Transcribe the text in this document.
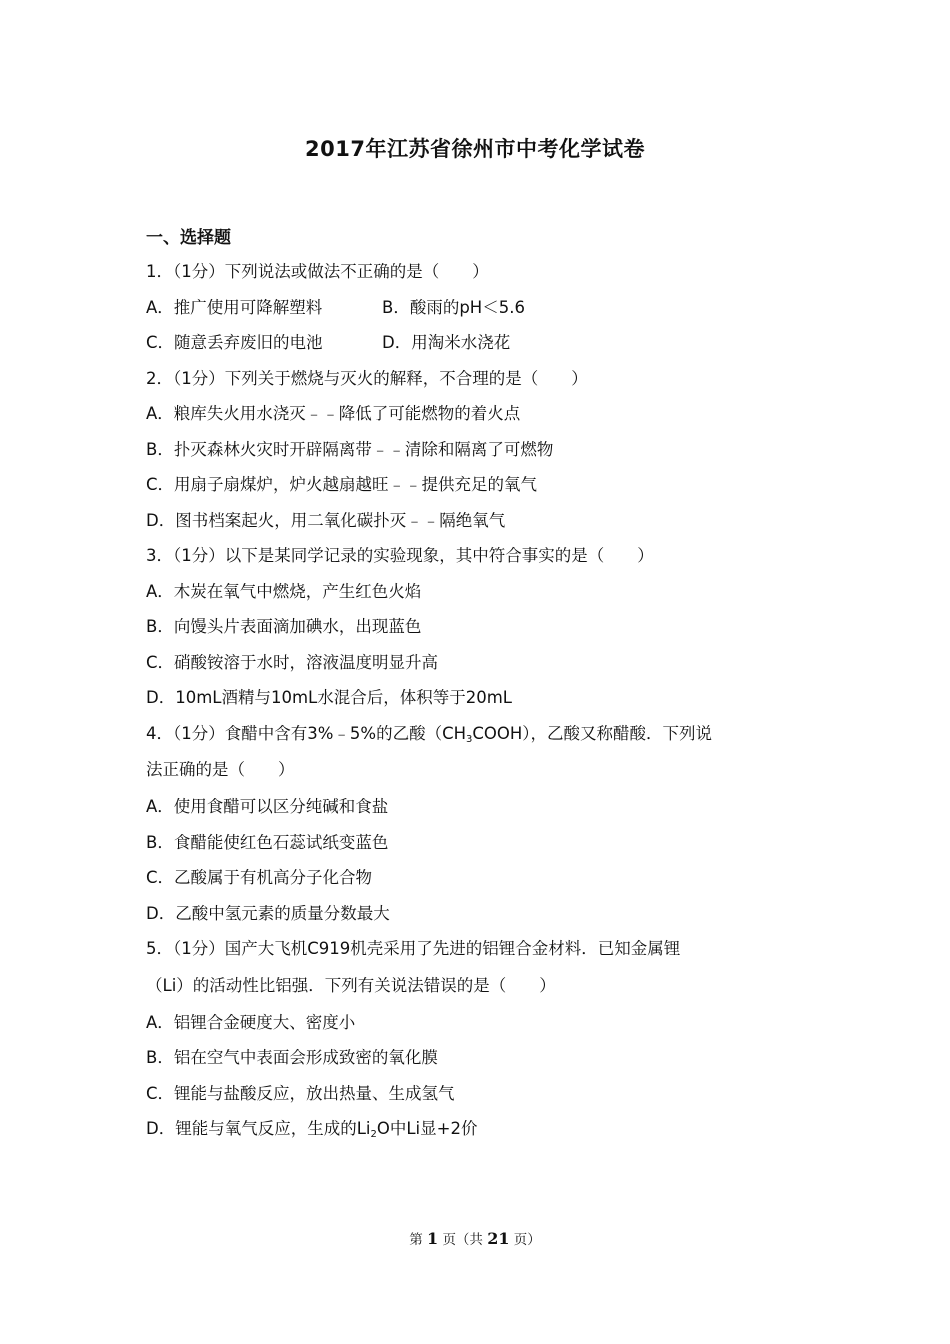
2017年江苏省徐州市中考化学试卷
一、选择题
1．（1分）下列说法或做法不正确的是（　　）
A．推广使用可降解塑料	B．酸雨的pH＜5.6
C．随意丢弃废旧的电池	D．用淘米水浇花
2．（1分）下列关于燃烧与灭火的解释，不合理的是（　　）
A．粮库失火用水浇灭﹣﹣降低了可能燃物的着火点
B．扑灭森林火灾时开辟隔离带﹣﹣清除和隔离了可燃物
C．用扇子扇煤炉，炉火越扇越旺﹣﹣提供充足的氧气
D．图书档案起火，用二氧化碳扑灭﹣﹣隔绝氧气
3．（1分）以下是某同学记录的实验现象，其中符合事实的是（　　）
A．木炭在氧气中燃烧，产生红色火焰
B．向馒头片表面滴加碘水，出现蓝色
C．硝酸铵溶于水时，溶液温度明显升高
D．10mL酒精与10mL水混合后，体积等于20mL
4．（1分）食醋中含有3%﹣5%的乙酸$(CH_3COOH)$，乙酸又称醋酸．下列说
法正确的是（　　）
A．使用食醋可以区分纯碱和食盐
B．食醋能使红色石蕊试纸变蓝色
C．乙酸属于有机高分子化合物
D．乙酸中氢元素的质量分数最大
5．（1分）国产大飞机C919机壳采用了先进的铝锂合金材料．已知金属锂
（Li）的活动性比铝强．下列有关说法错误的是（　　）
A．铝锂合金硬度大、密度小
B．铝在空气中表面会形成致密的氧化膜
C．锂能与盐酸反应，放出热量、生成氢气
D．锂能与氧气反应，生成的$Li_2O$中Li显+2价
第 1 页（共 21 页）
